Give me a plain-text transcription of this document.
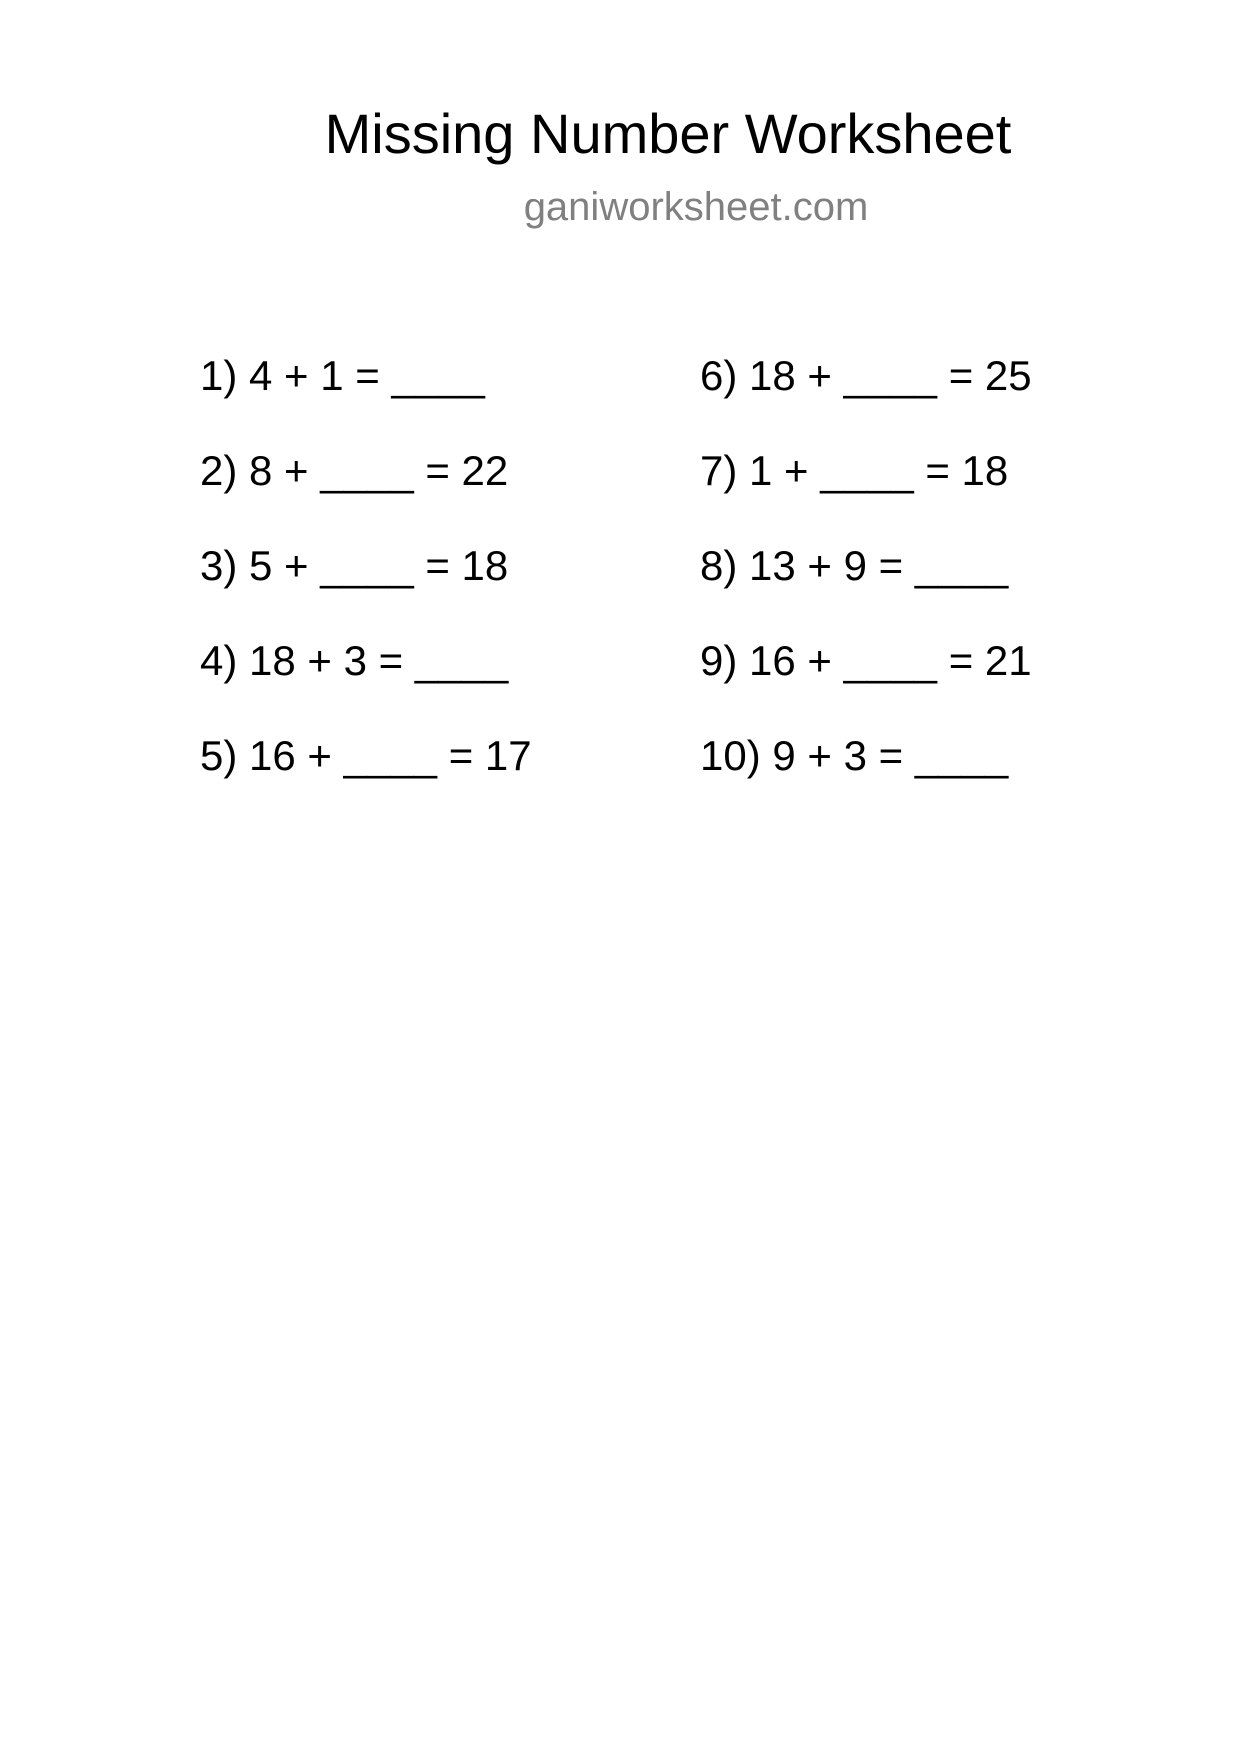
Missing Number Worksheet
ganiworksheet.com
1) 4 + 1 = ____
2) 8 + ____ = 22
3) 5 + ____ = 18
4) 18 + 3 = ____
5) 16 + ____ = 17
6) 18 + ____ = 25
7) 1 + ____ = 18
8) 13 + 9 = ____
9) 16 + ____ = 21
10) 9 + 3 = ____
